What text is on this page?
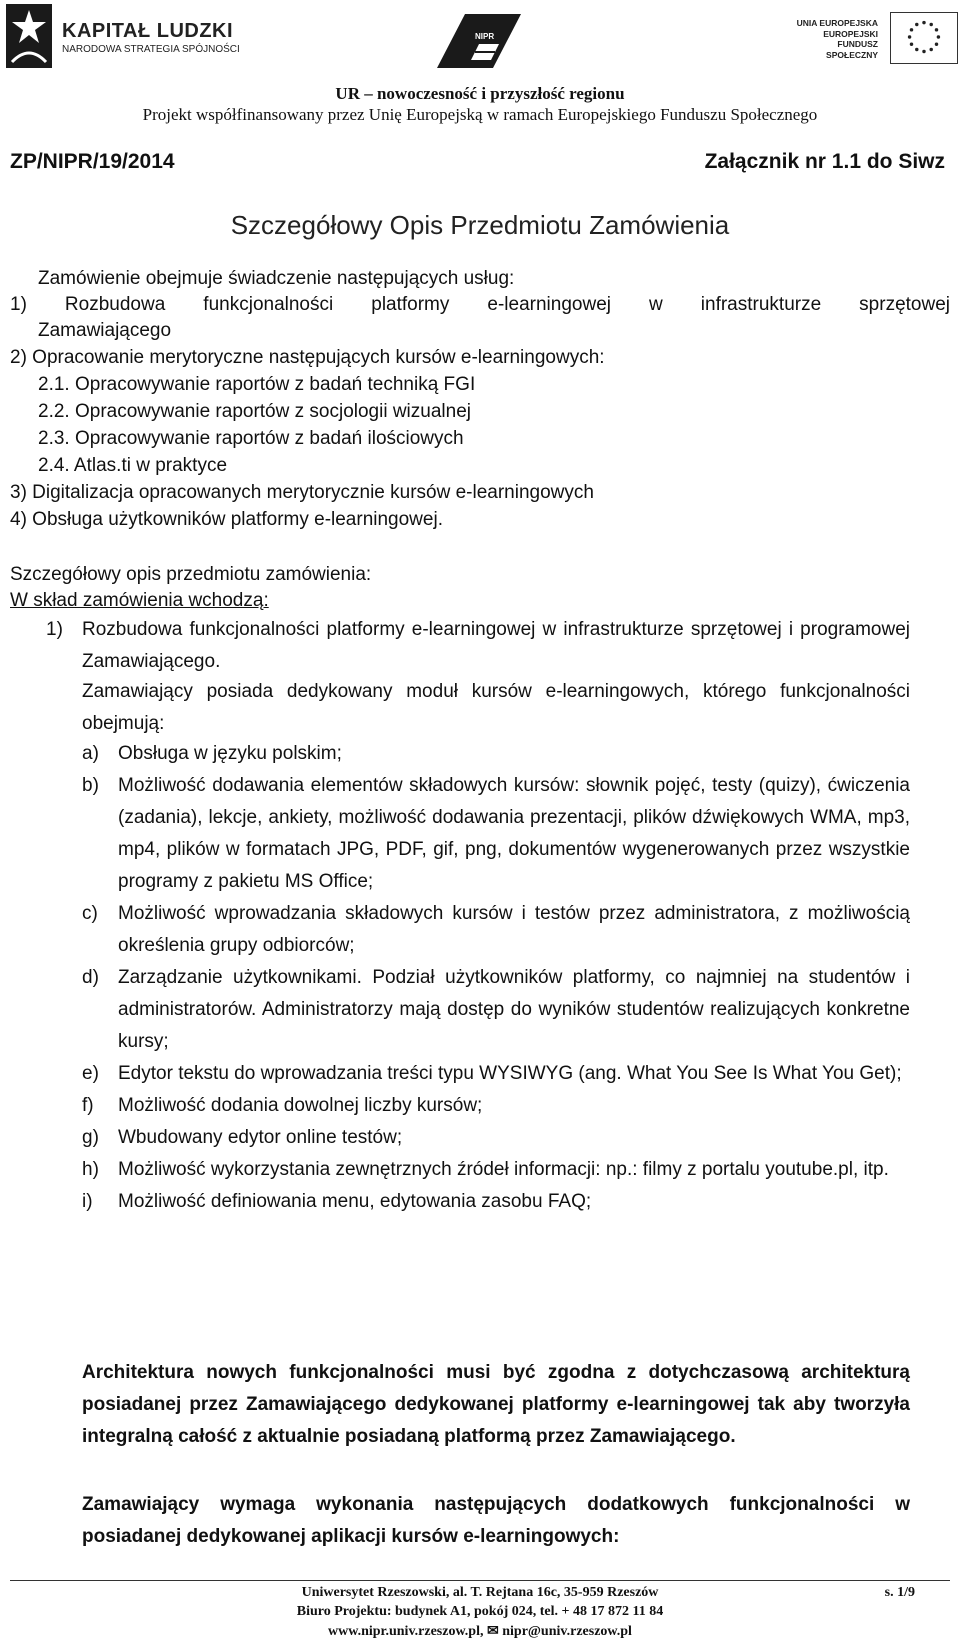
KAPITAŁ LUDZKI
NARODOWA STRATEGIA SPÓJNOŚCI
NIPR
UNIA EUROPEJSKA
EUROPEJSKI
FUNDUSZ SPOŁECZNY
UR – nowoczesność i przyszłość regionu
Projekt współfinansowany przez Unię Europejską w ramach Europejskiego Funduszu Społecznego
ZP/NIPR/19/2014	Załącznik nr 1.1 do Siwz
Szczegółowy Opis Przedmiotu Zamówienia
Zamówienie obejmuje świadczenie następujących usług:
1) Rozbudowa funkcjonalności platformy e-learningowej w infrastrukturze sprzętowej
Zamawiającego
2) Opracowanie merytoryczne następujących kursów e-learningowych:
2.1. Opracowywanie raportów z badań techniką FGI
2.2. Opracowywanie raportów z socjologii wizualnej
2.3. Opracowywanie raportów z badań ilościowych
2.4. Atlas.ti w praktyce
3) Digitalizacja opracowanych merytorycznie kursów e-learningowych
4) Obsługa użytkowników platformy e-learningowej.
Szczegółowy opis przedmiotu zamówienia:
W skład zamówienia wchodzą:
1) Rozbudowa funkcjonalności platformy e-learningowej w infrastrukturze sprzętowej i programowej Zamawiającego.
Zamawiający posiada dedykowany moduł kursów e-learningowych, którego funkcjonalności obejmują:
a) Obsługa w języku polskim;
b) Możliwość dodawania elementów składowych kursów: słownik pojęć, testy (quizy), ćwiczenia (zadania), lekcje, ankiety, możliwość dodawania prezentacji, plików dźwiękowych WMA, mp3, mp4, plików w formatach JPG, PDF, gif, png, dokumentów wygenerowanych przez wszystkie programy z pakietu MS Office;
c) Możliwość wprowadzania składowych kursów i testów przez administratora, z możliwością określenia grupy odbiorców;
d) Zarządzanie użytkownikami. Podział użytkowników platformy, co najmniej na studentów i administratorów. Administratorzy mają dostęp do wyników studentów realizujących konkretne kursy;
e) Edytor tekstu do wprowadzania treści typu WYSIWYG (ang. What You See Is What You Get);
f) Możliwość dodania dowolnej liczby kursów;
g) Wbudowany edytor online testów;
h) Możliwość wykorzystania zewnętrznych źródeł informacji: np.: filmy z portalu youtube.pl, itp.
i) Możliwość definiowania menu, edytowania zasobu FAQ;
Architektura nowych funkcjonalności musi być zgodna z dotychczasową architekturą posiadanej przez Zamawiającego dedykowanej platformy e-learningowej tak aby tworzyła integralną całość z aktualnie posiadaną platformą przez Zamawiającego.
Zamawiający wymaga wykonania następujących dodatkowych funkcjonalności w posiadanej dedykowanej aplikacji kursów e-learningowych:
Uniwersytet Rzeszowski, al. T. Rejtana 16c, 35-959 Rzeszów	s. 1/9
Biuro Projektu: budynek A1, pokój 024, tel. + 48 17 872 11 84
www.nipr.univ.rzeszow.pl, ✉ nipr@univ.rzeszow.pl
